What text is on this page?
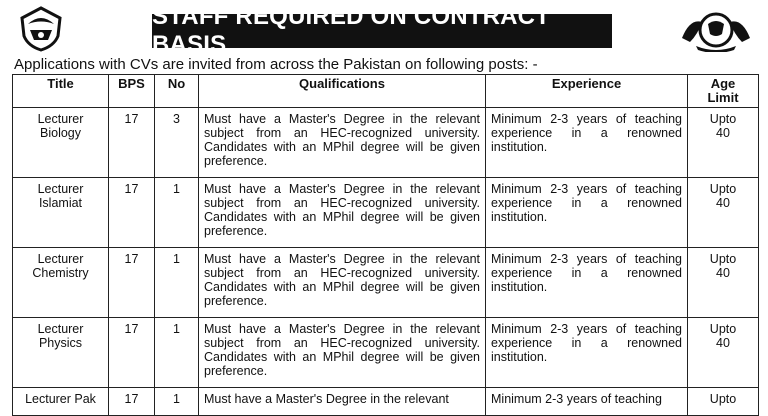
STAFF REQUIRED ON CONTRACT BASIS
Applications with CVs are invited from across the Pakistan on following posts: -
Title	BPS	No	Qualifications	Experience	Age
Limit

Lecturer
Biology	17	3	Must have a Master's Degree in the relevant subject from an HEC-recognized university. Candidates with an MPhil degree will be given preference.	Minimum 2-3 years of teaching experience in a renowned institution.	Upto
40

Lecturer
Islamiat	17	1	Must have a Master's Degree in the relevant subject from an HEC-recognized university. Candidates with an MPhil degree will be given preference.	Minimum 2-3 years of teaching experience in a renowned institution.	Upto
40

Lecturer
Chemistry	17	1	Must have a Master's Degree in the relevant subject from an HEC-recognized university. Candidates with an MPhil degree will be given preference.	Minimum 2-3 years of teaching experience in a renowned institution.	Upto
40

Lecturer
Physics	17	1	Must have a Master's Degree in the relevant subject from an HEC-recognized university. Candidates with an MPhil degree will be given preference.	Minimum 2-3 years of teaching experience in a renowned institution.	Upto
40

Lecturer Pak	17	1	Must have a Master's Degree in the relevant	Minimum 2-3 years of teaching	Upto
